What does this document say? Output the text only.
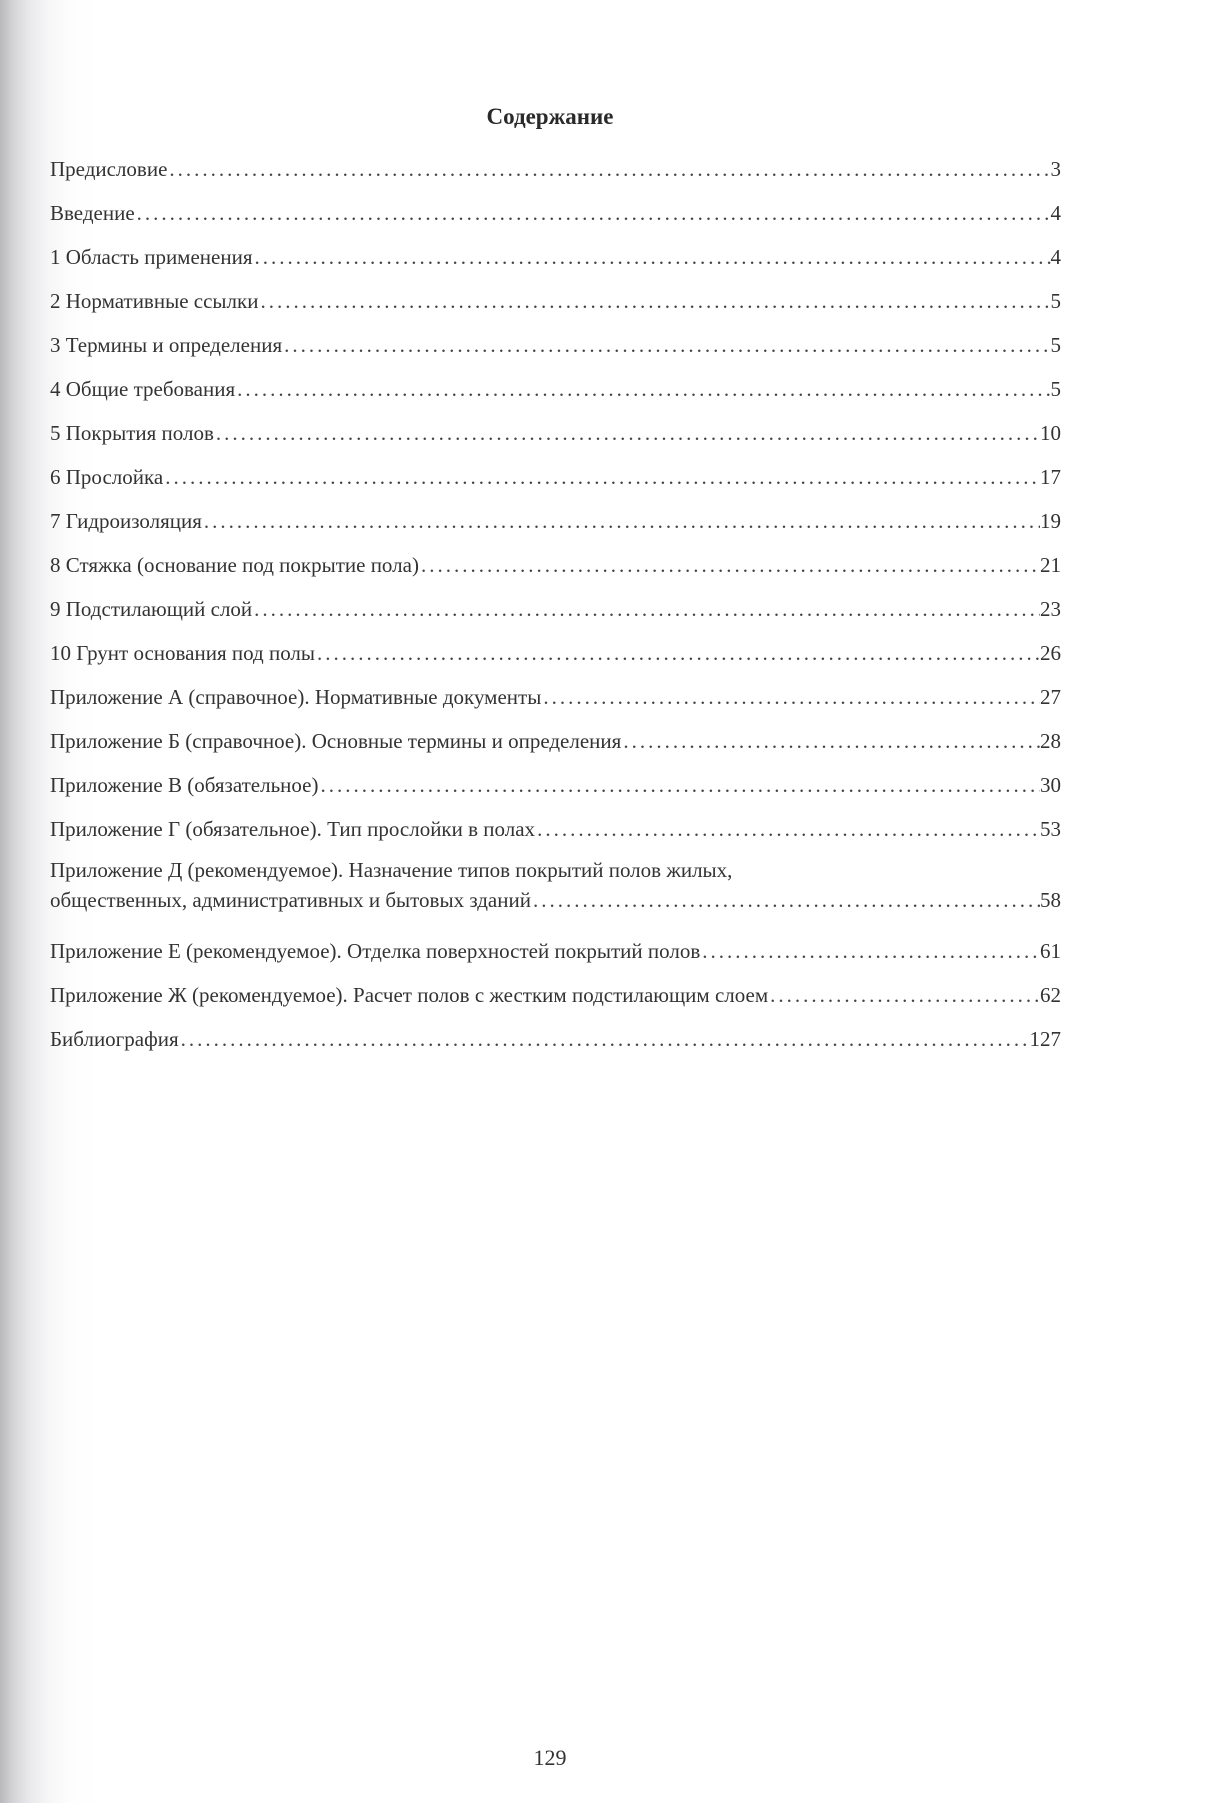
Содержание
Предисловие .....	3
Введение .....	4
1 Область применения .....	4
2 Нормативные ссылки .....	5
3 Термины и определения .....	5
4 Общие требования .....	5
5 Покрытия полов .....	10
6 Прослойка .....	17
7 Гидроизоляция .....	19
8 Стяжка (основание под покрытие пола) .....	21
9 Подстилающий слой .....	23
10 Грунт основания под полы .....	26
Приложение А (справочное). Нормативные документы .....	27
Приложение Б (справочное). Основные термины и определения .....	28
Приложение В (обязательное) .....	30
Приложение Г (обязательное). Тип прослойки в полах .....	53
Приложение Д (рекомендуемое). Назначение типов покрытий полов жилых,
общественных, административных и бытовых зданий .....	58
Приложение Е (рекомендуемое). Отделка поверхностей покрытий полов .....	61
Приложение Ж (рекомендуемое). Расчет полов с жестким подстилающим слоем .....	62
Библиография .....	127
129
